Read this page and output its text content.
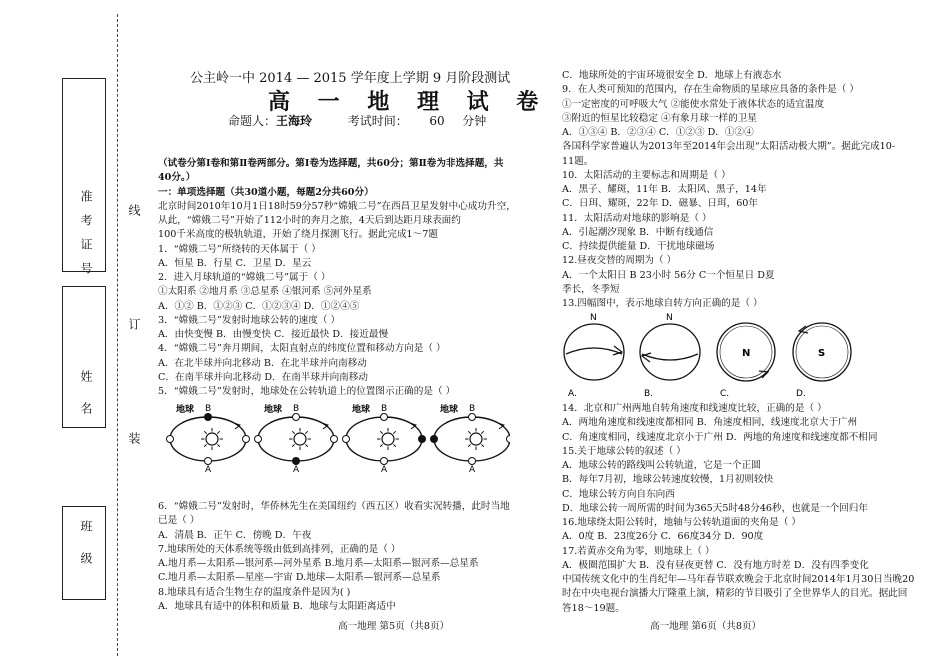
准考证号
姓名
班级
线
订
装
公主岭一中 2014 — 2015 学年度上学期 9 月阶段测试
高 一 地 理 试 卷
命题人：王海玲	考试时间： 60 分钟
（试卷分第Ⅰ卷和第Ⅱ卷两部分。第Ⅰ卷为选择题，共60分；第Ⅱ卷为非选择题，共
40分。）
一：单项选择题（共30道小题，每题2分共60分）
北京时间2010年10月1日18时59分57秒“嫦娥二号”在西昌卫星发射中心成功升空，
从此，“嫦娥二号”开始了112小时的奔月之旅，4天后到达距月球表面约
100千米高度的极轨轨道，开始了绕月探测飞行。据此完成1～7题
1．“嫦娥二号”所绕转的天体属于（ ）
A．恒星 B．行星 C．卫星 D．星云
2．进入月球轨道的“嫦娥二号”属于（ ）
①太阳系 ②地月系 ③总星系 ④银河系 ⑤河外星系
A．①② B．①②③ C．①②③④ D．①②④⑤
3．“嫦娥二号”发射时地球公转的速度（ ）
A．由快变慢 B．由慢变快 C．接近最快 D．接近最慢
4．“嫦娥二号”奔月期间，太阳直射点的纬度位置和移动方向是（ ）
A．在北半球并向北移动 B．在北半球并向南移动
C．在南半球并向北移动 D．在南半球并向南移动
5．“嫦娥二号”发射时，地球处在公转轨道上的位置图示正确的是（ ）
地球 B
A
地球 B
A
地球 B
A
地球 B
A
6．“嫦娥二号”发射时，华侨林先生在美国纽约（西五区）收看实况转播，此时当地
已是（ ）
A．清晨 B．正午 C．傍晚 D．午夜
7.地球所处的天体系统等级由低到高排列，正确的是（ ）
A.地月系—太阳系—银河系—河外星系 B.地月系—太阳系—银河系—总星系
C.地月系—太阳系—星座—宇宙 D.地球—太阳系—银河系—总星系
8.地球具有适合生物生存的温度条件是因为( )
A．地球具有适中的体积和质量 B．地球与太阳距离适中
C．地球所处的宇宙环境很安全 D．地球上有液态水
9．在人类可预知的范围内，存在生命物质的星球应具备的条件是（ ）
①一定密度的可呼吸大气 ②能使水常处于液体状态的适宜温度
③附近的恒星比较稳定 ④有象月球一样的卫星
A．①③④ B．②③④ C．①②③ D．①②④
各国科学家普遍认为2013年至2014年会出现“太阳活动极大期”。据此完成10-
11题。
10．太阳活动的主要标志和周期是（ ）
A．黑子、耀斑，11年 B．太阳风、黑子，14年
C．日珥、耀斑，22年 D．磁暴、日珥，60年
11．太阳活动对地球的影响是（ ）
A．引起潮汐现象 B．中断有线通信
C．持续提供能量 D．干扰地球磁场
12.昼夜交替的周期为（ ）
A．一个太阳日 B 23小时 56分 C一个恒星日 D夏
季长，冬季短
13.四幅图中，表示地球自转方向正确的是（ ）
N
A.
N
B.
N
C.
S
D.
14．北京和广州两地自转角速度和线速度比较，正确的是（ ）
A．两地角速度和线速度都相同 B．角速度相同，线速度北京大于广州
C．角速度相同，线速度北京小于广州 D．两地的角速度和线速度都不相同
15.关于地球公转的叙述（ ）
A．地球公转的路线叫公转轨道，它是一个正圆
B．每年7月初，地球公转速度较慢，1月初则较快
C．地球公转方向自东向西
D．地球公转一周所需的时间为365天5时48分46秒，也就是一个回归年
16.地球绕太阳公转时，地轴与公转轨道面的夹角是（ ）
A．0度 B．23度26分 C．66度34分 D．90度
17.若黄赤交角为零，则地球上（ ）
A．极圈范围扩大 B．没有昼夜更替 C．没有地方时差 D．没有四季变化
中国传统文化中的生肖纪年—马年春节联欢晚会于北京时间2014年1月30日当晚20
时在中央电视台演播大厅隆重上演，精彩的节目吸引了全世界华人的目光。据此回
答18～19题。
高一地理 第5页（共8页）	高一地理 第6页（共8页）
